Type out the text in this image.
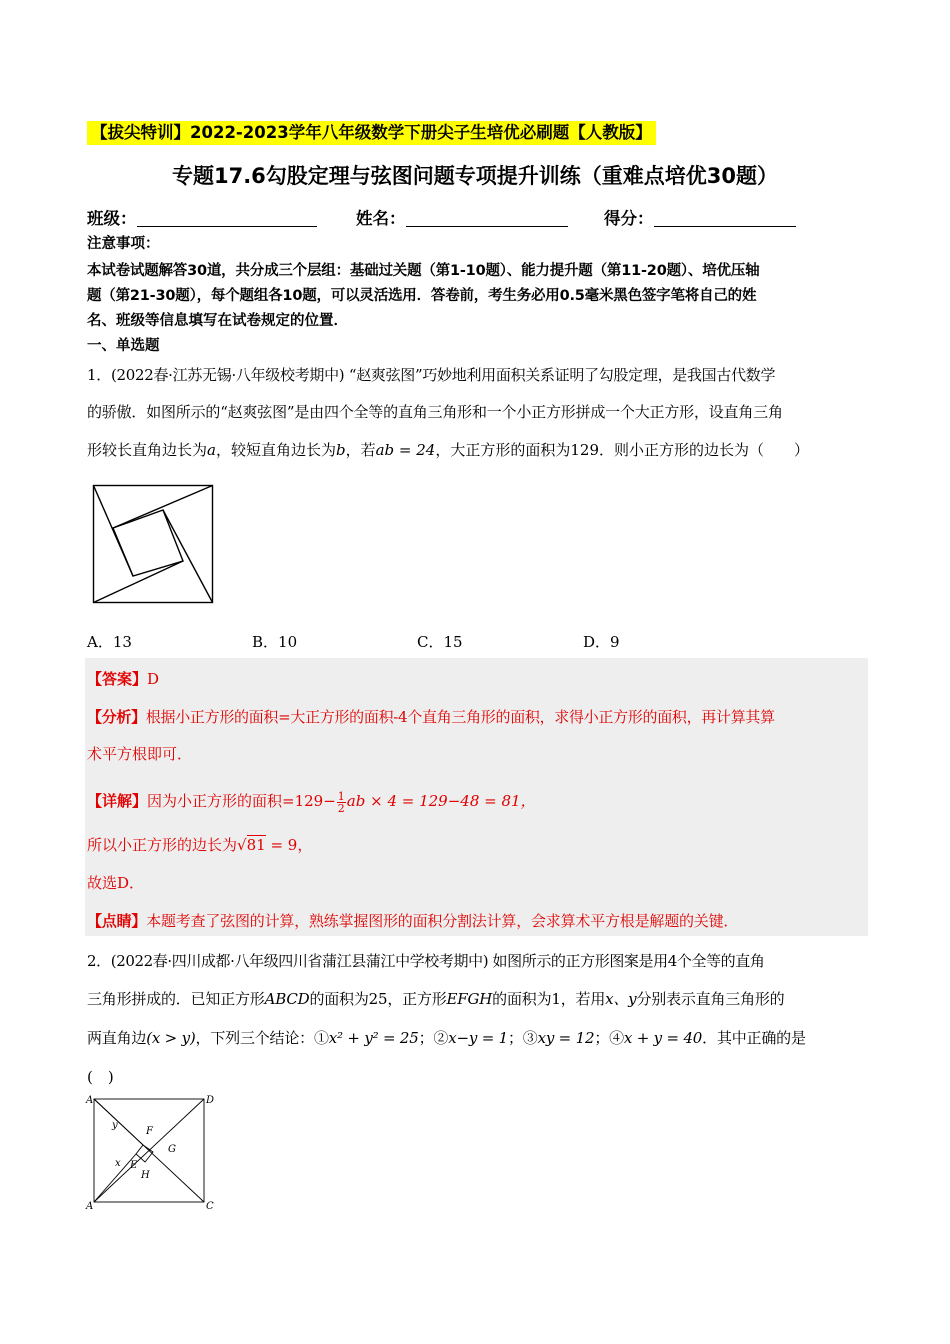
【拔尖特训】2022-2023学年八年级数学下册尖子生培优必刷题【人教版】
专题17.6勾股定理与弦图问题专项提升训练（重难点培优30题）
班级：	姓名：	得分：
注意事项：
本试卷试题解答30道，共分成三个层组：基础过关题（第1-10题）、能力提升题（第11-20题）、培优压轴
题（第21-30题），每个题组各10题，可以灵活选用．答卷前，考生务必用0.5毫米黑色签字笔将自己的姓
名、班级等信息填写在试卷规定的位置．
一、单选题
1．(2022春·江苏无锡·八年级校考期中) “赵爽弦图”巧妙地利用面积关系证明了勾股定理，是我国古代数学
的骄傲．如图所示的“赵爽弦图”是由四个全等的直角三角形和一个小正方形拼成一个大正方形，设直角三角
形较长直角边长为a，较短直角边长为b，若ab = 24，大正方形的面积为129．则小正方形的边长为（　　）
A．13	B．10	C．15	D．9
【答案】D
【分析】根据小正方形的面积=大正方形的面积-4个直角三角形的面积，求得小正方形的面积，再计算其算
术平方根即可．
【详解】因为小正方形的面积$=129- \frac{1}{2}$ ab × 4 = 129−48 = 81，
所以小正方形的边长为√81 = 9，
故选D．
【点睛】本题考查了弦图的计算，熟练掌握图形的面积分割法计算，会求算术平方根是解题的关键．
2．(2022春·四川成都·八年级四川省蒲江县蒲江中学校考期中) 如图所示的正方形图案是用4个全等的直角
三角形拼成的．已知正方形ABCD的面积为25，正方形EFGH的面积为1，若用x、y分别表示直角三角形的
两直角边(x > y)，下列三个结论：①x² + y² = 25；②x−y = 1；③xy = 12；④x + y = 40．其中正确的是
(　)
A	D
A	C
y
F
G
x E
H
